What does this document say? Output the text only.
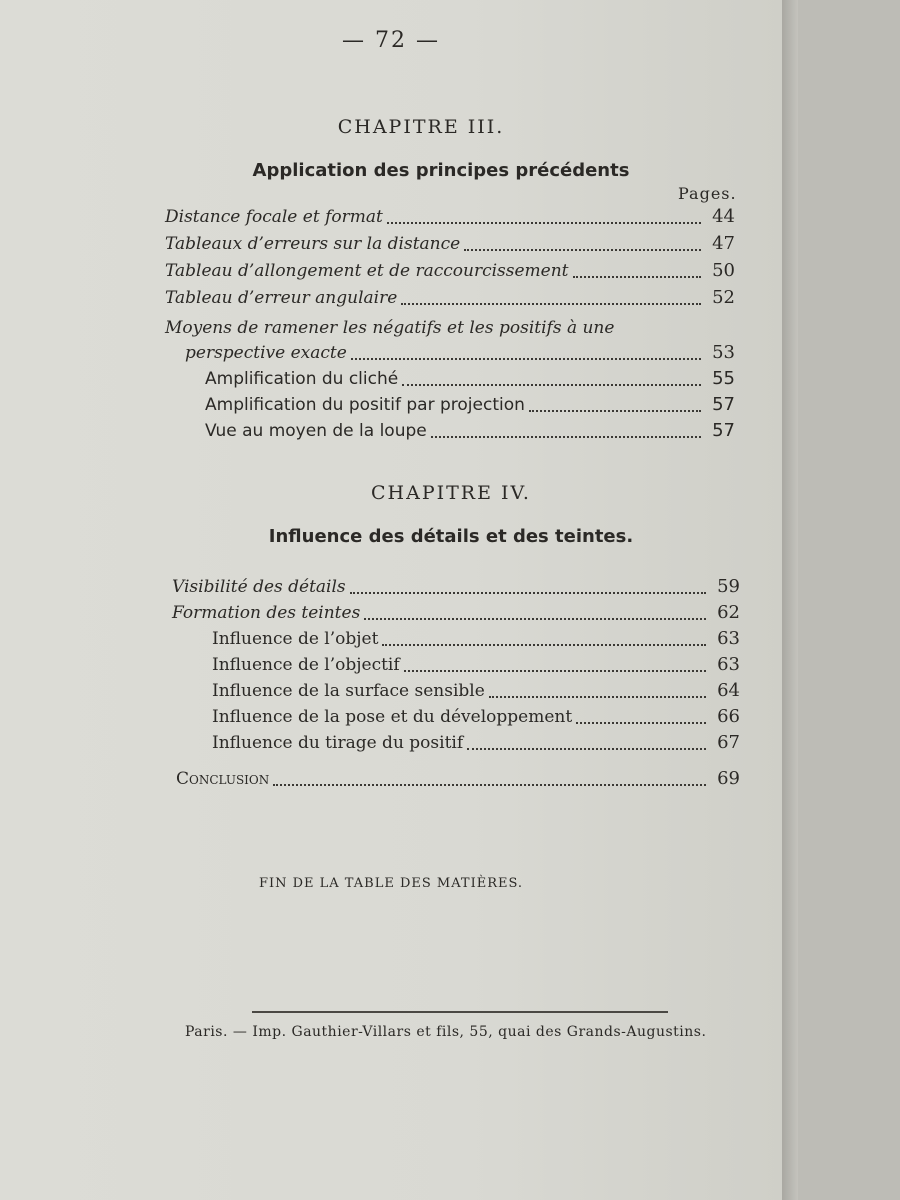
— 72 —
CHAPITRE III.
Application des principes précédents
Pages.
Distance focale et format	44
Tableaux d’erreurs sur la distance	47
Tableau d’allongement et de raccourcissement	50
Tableau d’erreur angulaire	52
Moyens de ramener les négatifs et les positifs à une
perspective exacte	53
Amplification du cliché	55
Amplification du positif par projection	57
Vue au moyen de la loupe	57
CHAPITRE IV.
Influence des détails et des teintes.
Visibilité des détails	59
Formation des teintes	62
Influence de l’objet	63
Influence de l’objectif	63
Influence de la surface sensible	64
Influence de la pose et du développement	66
Influence du tirage du positif	67
Conclusion	69
FIN DE LA TABLE DES MATIÈRES.
Paris. — Imp. Gauthier-Villars et fils, 55, quai des Grands-Augustins.
